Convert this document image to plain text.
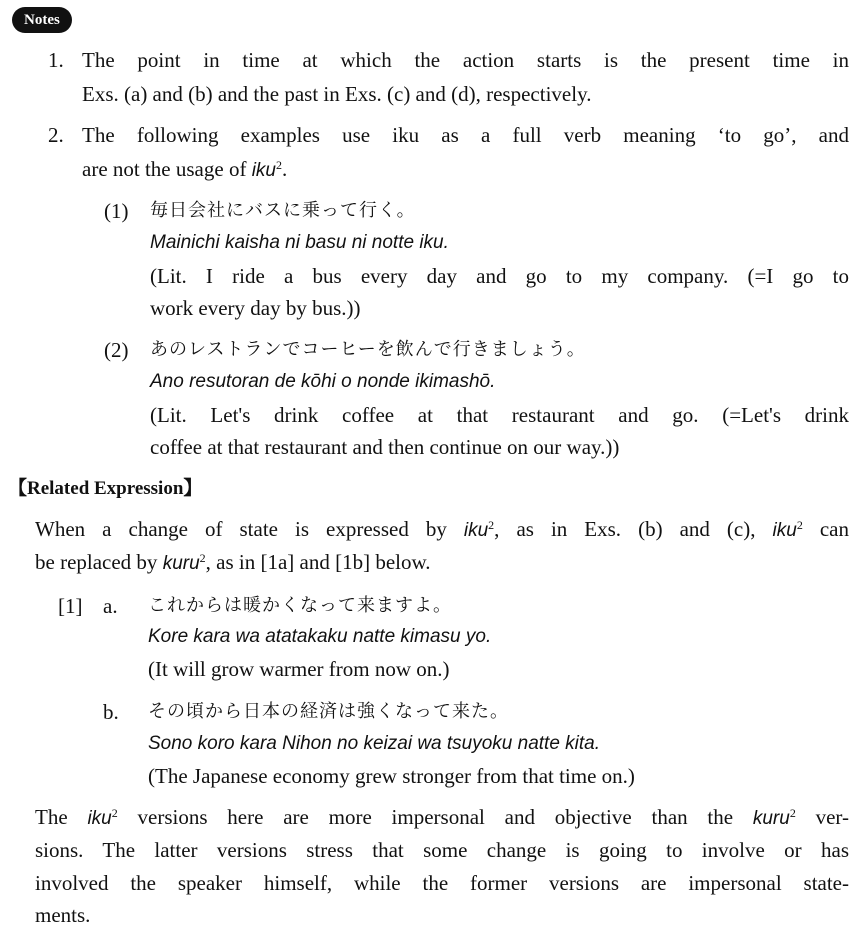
Notes
1. The point in time at which the action starts is the present time in
Exs. (a) and (b) and the past in Exs. (c) and (d), respectively.
2. The following examples use iku as a full verb meaning ‘to go’, and
are not the usage of iku$^2$.
(1) 毎日会社にバスに乗って行く。
Mainichi kaisha ni basu ni notte iku.
(Lit. I ride a bus every day and go to my company. (=I go to
work every day by bus.))
(2) あのレストランでコーヒーを飲んで行きましょう。
Ano resutoran de kōhi o nonde ikimashō.
(Lit. Let's drink coffee at that restaurant and go. (=Let's drink
coffee at that restaurant and then continue on our way.))
【Related Expression】
When a change of state is expressed by iku$^2$, as in Exs. (b) and (c), iku$^2$ can
be replaced by kuru$^2$, as in [1a] and [1b] below.
[1] a. これからは暖かくなって来ますよ。
Kore kara wa atatakaku natte kimasu yo.
(It will grow warmer from now on.)
b. その頃から日本の経済は強くなって来た。
Sono koro kara Nihon no keizai wa tsuyoku natte kita.
(The Japanese economy grew stronger from that time on.)
The iku$^2$ versions here are more impersonal and objective than the kuru$^2$ ver-
sions. The latter versions stress that some change is going to involve or has
involved the speaker himself, while the former versions are impersonal state-
ments.
